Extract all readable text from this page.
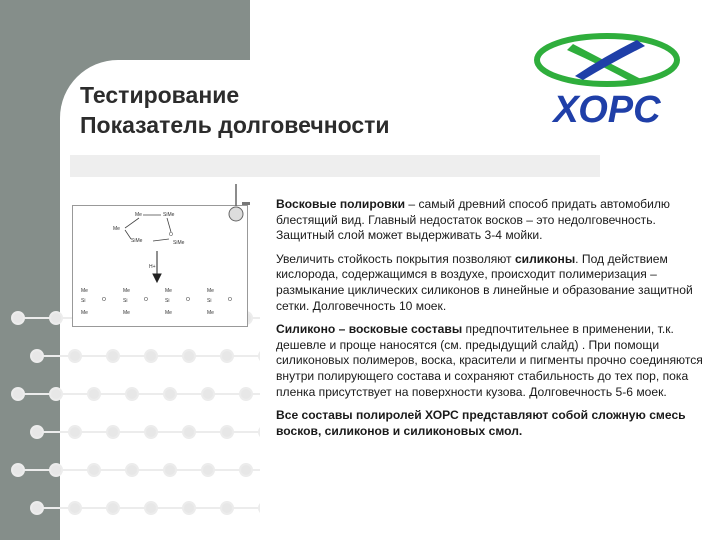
Тестирование
Показатель долговечности	ХОРС
Me	SiMe
Me
O
SiMe	SiMe
H+
Me
Si
Me
O
Me
Si
Me
O
Me
Si
Me
O
Me
Si
Me
O

Восковые полировки – самый древний способ придать автомобилю блестящий вид. Главный недостаток восков – это недолговечность. Защитный слой может выдерживать 3-4 мойки.

Увеличить стойкость покрытия позволяют силиконы. Под действием кислорода, содержащимся в воздухе, происходит полимеризация – размыкание циклических силиконов в линейные и образование защитной сетки. Долговечность 10 моек.

Силиконо – восковые составы предпочтительнее в применении, т.к. дешевле и проще наносятся (см. предыдущий слайд) . При помощи силиконовых полимеров, воска, красители и пигменты прочно соединяются внутри полирующего состава и сохраняют стабильность до тех пор, пока пленка присутствует на поверхности кузова. Долговечность 5-6 моек.

Все составы полиролей ХОРС представляют собой сложную смесь восков, силиконов и силиконовых смол.
